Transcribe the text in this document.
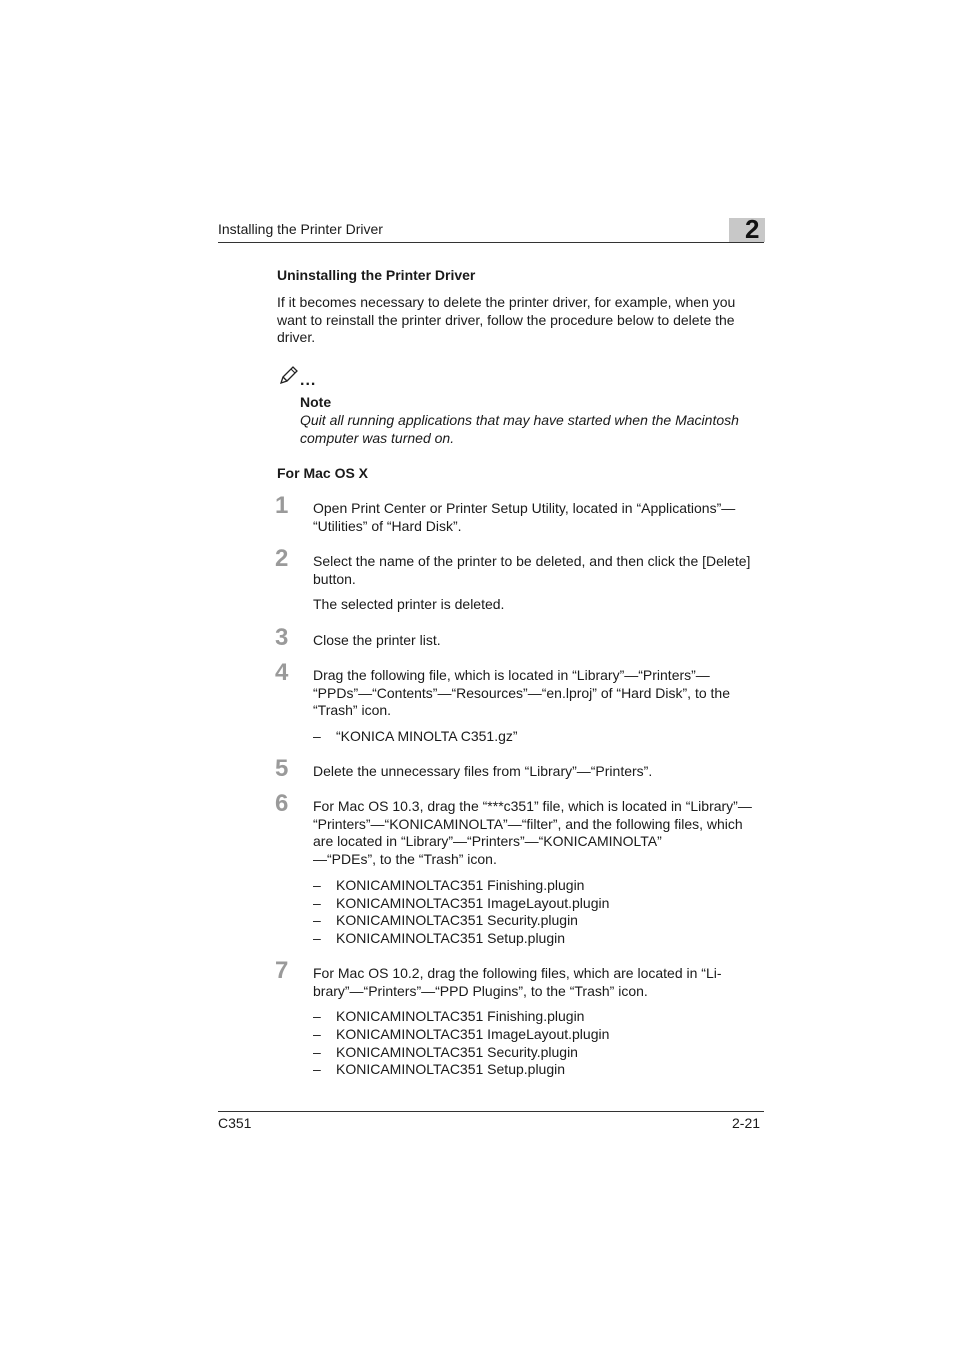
Installing the Printer Driver	2
Uninstalling the Printer Driver
If it becomes necessary to delete the printer driver, for example, when you
want to reinstall the printer driver, follow the procedure below to delete the
driver.
...
Note
Quit all running applications that may have started when the Macintosh
computer was turned on.
For Mac OS X
1 Open Print Center or Printer Setup Utility, located in “Applications”—
“Utilities” of “Hard Disk”.
2 Select the name of the printer to be deleted, and then click the [Delete]
button.
The selected printer is deleted.
3 Close the printer list.
4 Drag the following file, which is located in “Library”—“Printers”—
“PPDs”—“Contents”—“Resources”—“en.lproj” of “Hard Disk”, to the
“Trash” icon.
– “KONICA MINOLTA C351.gz”
5 Delete the unnecessary files from “Library”—“Printers”.
6 For Mac OS 10.3, drag the “***c351” file, which is located in “Library”—
“Printers”—“KONICAMINOLTA”—“filter”, and the following files, which
are located in “Library”—“Printers”—“KONICAMINOLTA”
—“PDEs”, to the “Trash” icon.
– KONICAMINOLTAC351 Finishing.plugin
– KONICAMINOLTAC351 ImageLayout.plugin
– KONICAMINOLTAC351 Security.plugin
– KONICAMINOLTAC351 Setup.plugin
7 For Mac OS 10.2, drag the following files, which are located in “Li-
brary”—“Printers”—“PPD Plugins”, to the “Trash” icon.
– KONICAMINOLTAC351 Finishing.plugin
– KONICAMINOLTAC351 ImageLayout.plugin
– KONICAMINOLTAC351 Security.plugin
– KONICAMINOLTAC351 Setup.plugin
C351	2-21
